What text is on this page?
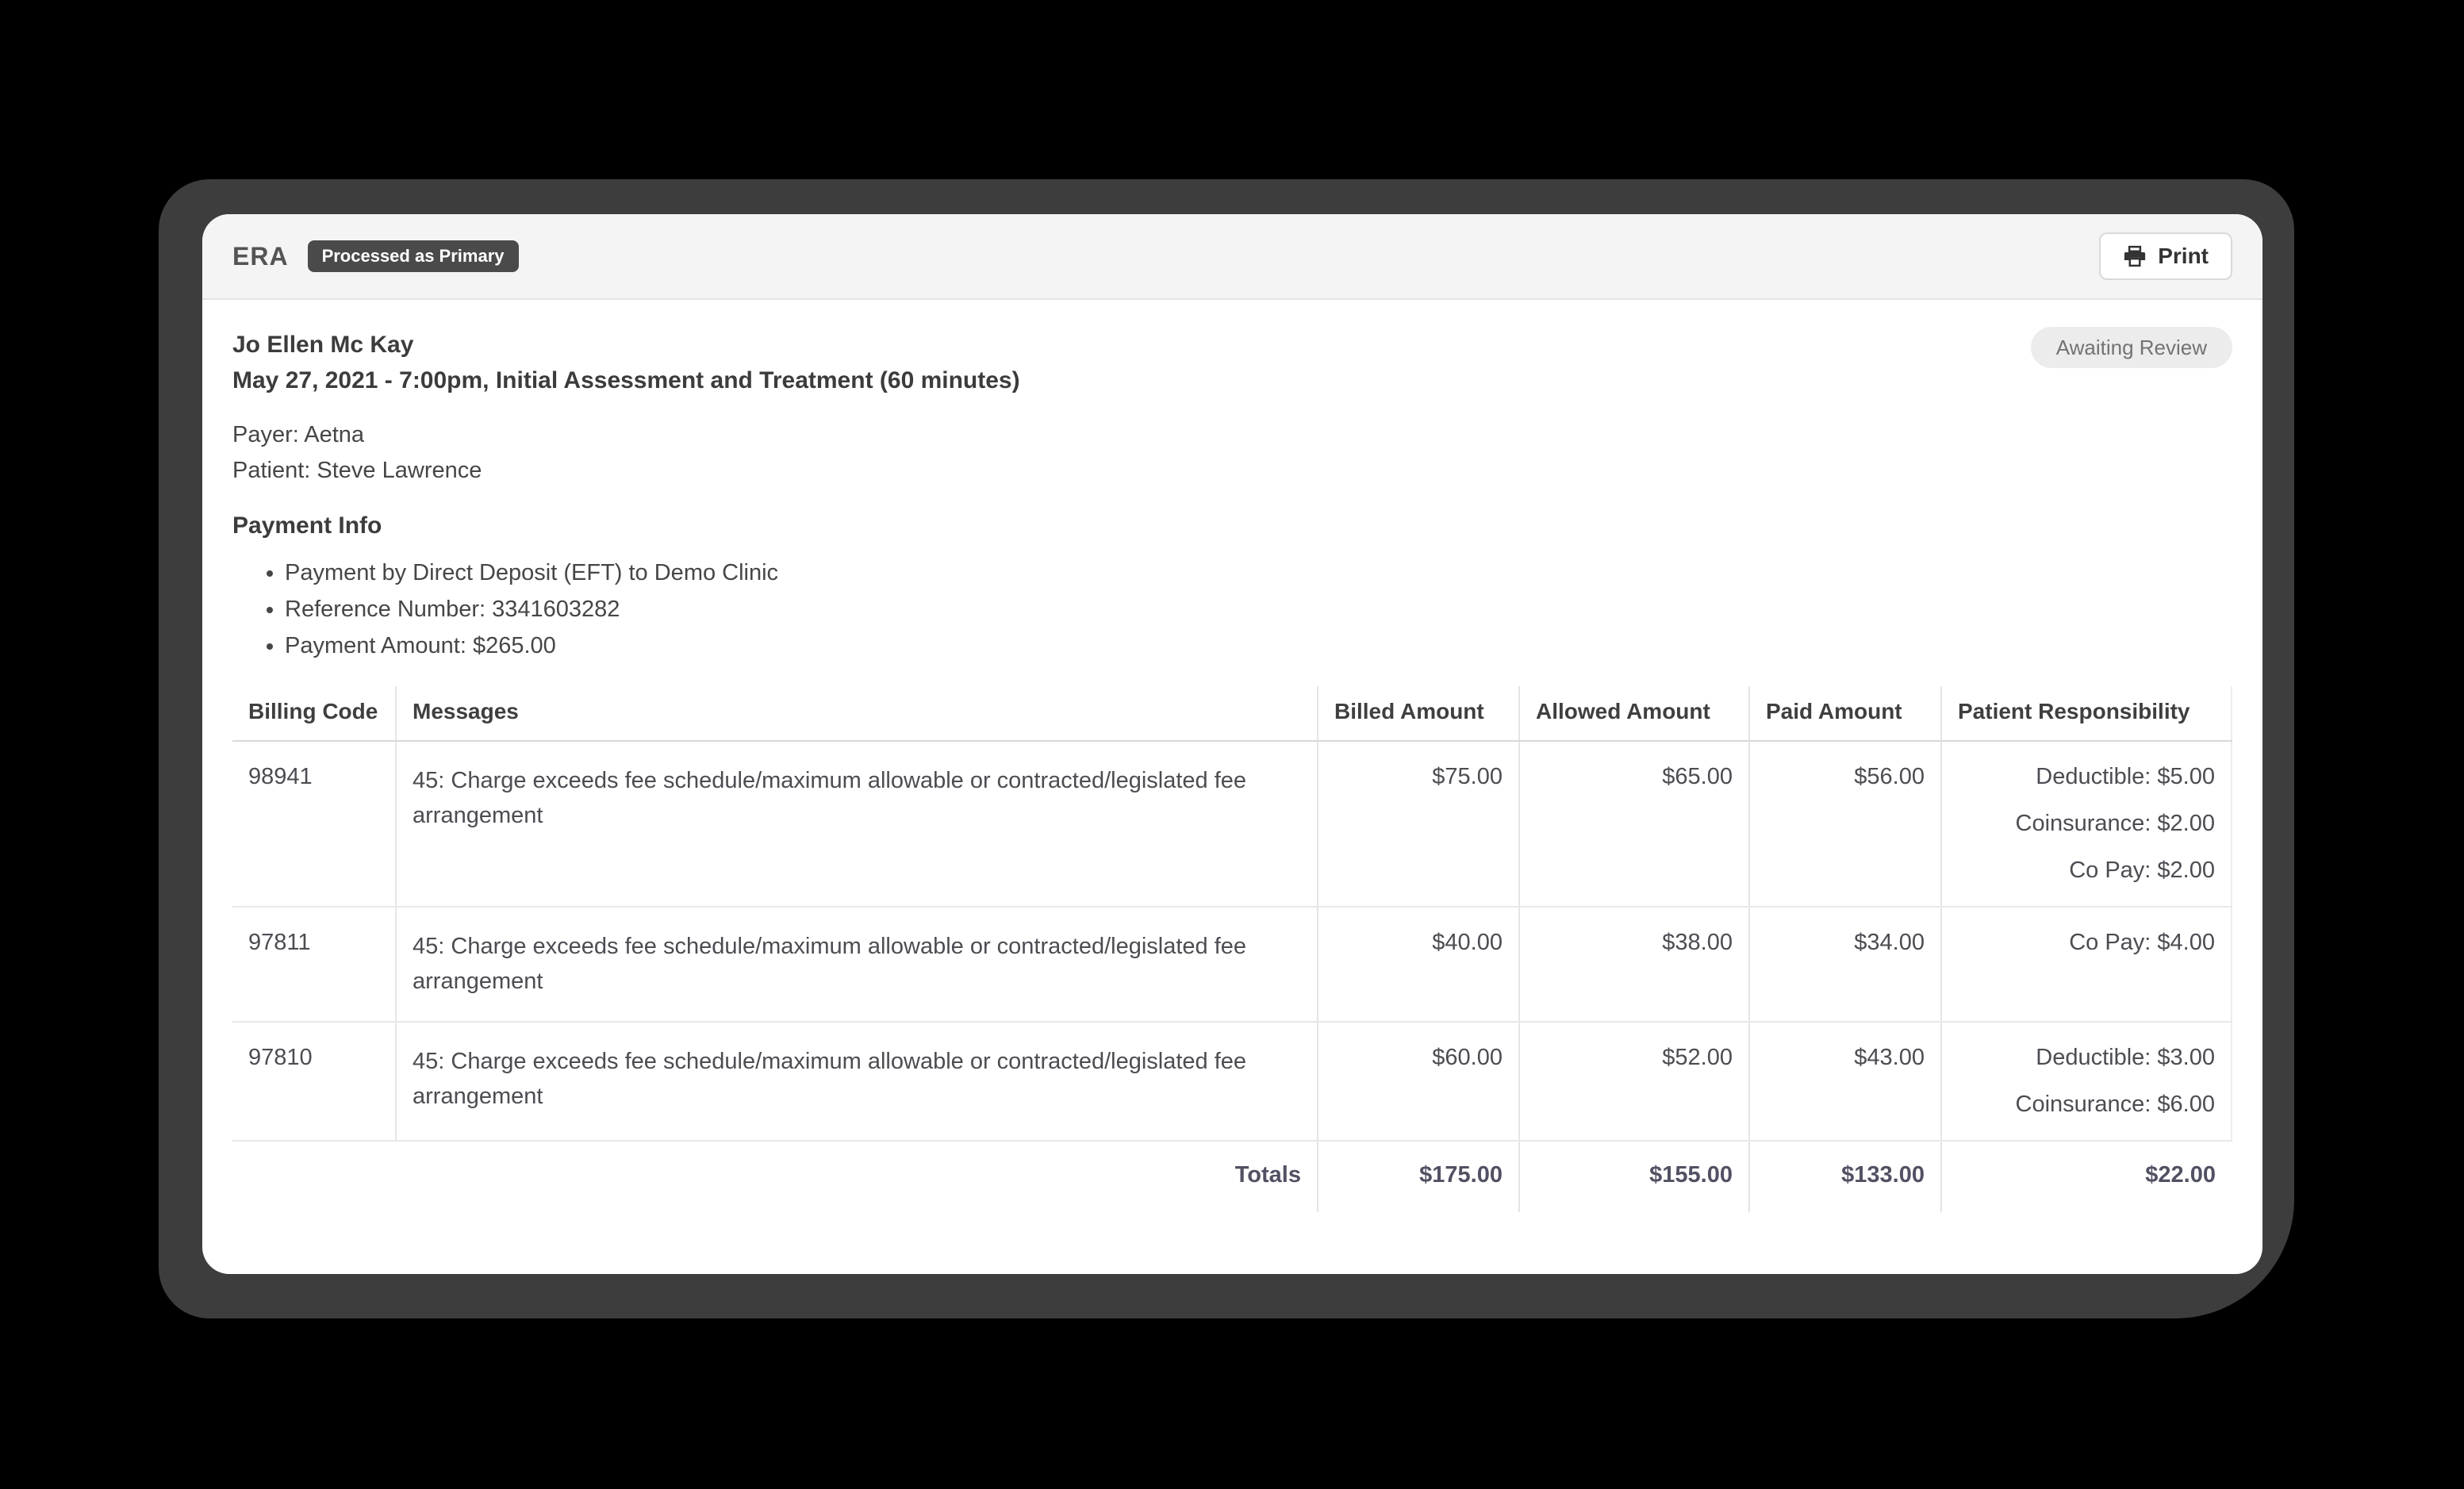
ERA	Processed as Primary	Print
Jo Ellen Mc Kay
May 27, 2021 - 7:00pm, Initial Assessment and Treatment (60 minutes)
Awaiting Review
Payer: Aetna
Patient: Steve Lawrence
Payment Info
• Payment by Direct Deposit (EFT) to Demo Clinic
• Reference Number: 3341603282
• Payment Amount: $265.00
Billing Code	Messages	Billed Amount	Allowed Amount	Paid Amount	Patient Responsibility
98941	45: Charge exceeds fee schedule/maximum allowable or contracted/legislated fee arrangement	$75.00	$65.00	$56.00	Deductible: $5.00
Coinsurance: $2.00
Co Pay: $2.00

97811	45: Charge exceeds fee schedule/maximum allowable or contracted/legislated fee arrangement	$40.00	$38.00	$34.00	Co Pay: $4.00

97810	45: Charge exceeds fee schedule/maximum allowable or contracted/legislated fee arrangement	$60.00	$52.00	$43.00	Deductible: $3.00
Coinsurance: $6.00

	Totals	$175.00	$155.00	$133.00	$22.00
